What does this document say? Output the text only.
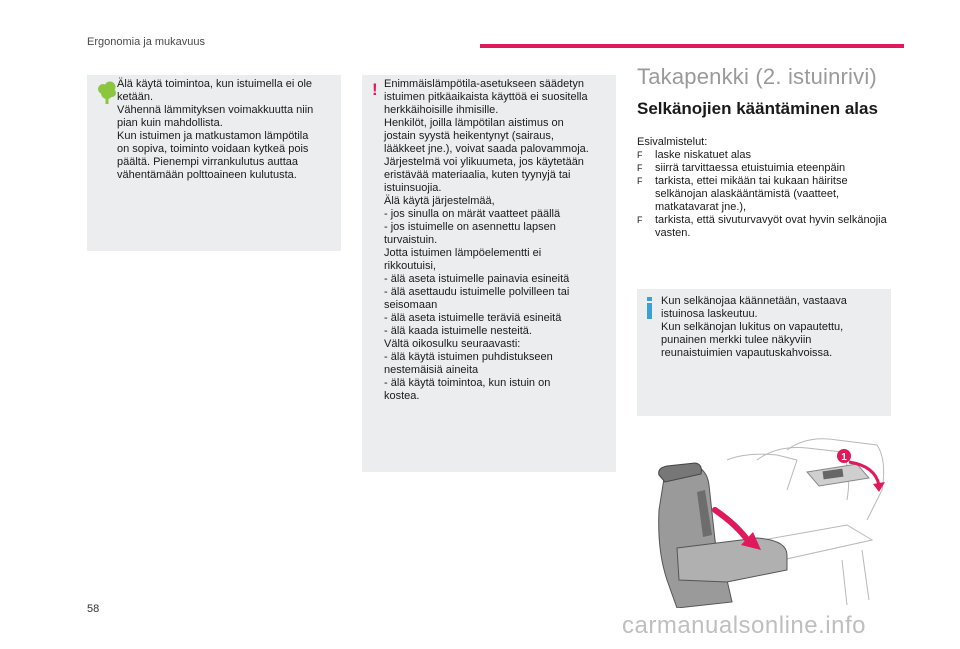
Ergonomia ja mukavuus
Älä käytä toimintoa, kun istuimella ei ole
ketään.
Vähennä lämmityksen voimakkuutta niin
pian kuin mahdollista.
Kun istuimen ja matkustamon lämpötila
on sopiva, toiminto voidaan kytkeä pois
päältä. Pienempi virrankulutus auttaa
vähentämään polttoaineen kulutusta.
! Enimmäislämpötila-asetukseen säädetyn
istuimen pitkäaikaista käyttöä ei suositella
herkkäihoisille ihmisille.
Henkilöt, joilla lämpötilan aistimus on
jostain syystä heikentynyt (sairaus,
lääkkeet jne.), voivat saada palovammoja.
Järjestelmä voi ylikuumeta, jos käytetään
eristävää materiaalia, kuten tyynyjä tai
istuinsuojia.
Älä käytä järjestelmää,
- jos sinulla on märät vaatteet päällä
- jos istuimelle on asennettu lapsen
turvaistuin.
Jotta istuimen lämpöelementti ei
rikkoutuisi,
- älä aseta istuimelle painavia esineitä
- älä asettaudu istuimelle polvilleen tai
seisomaan
- älä aseta istuimelle teräviä esineitä
- älä kaada istuimelle nesteitä.
Vältä oikosulku seuraavasti:
- älä käytä istuimen puhdistukseen
nestemäisiä aineita
- älä käytä toimintoa, kun istuin on
kostea.
Takapenkki (2. istuinrivi)
Selkänojien kääntäminen alas
Esivalmistelut:
F	laske niskatuet alas
F	siirrä tarvittaessa etuistuimia eteenpäin
F	tarkista, ettei mikään tai kukaan häiritse selkänojan alaskääntämistä (vaatteet, matkatavarat jne.),
F	tarkista, että sivuturvavyöt ovat hyvin selkänojia vasten.
Kun selkänojaa käännetään, vastaava
istuinosa laskeutuu.
Kun selkänojan lukitus on vapautettu,
punainen merkki tulee näkyviin
reunaistuimien vapautuskahvoissa.
1
58
carmanualsonline.info
